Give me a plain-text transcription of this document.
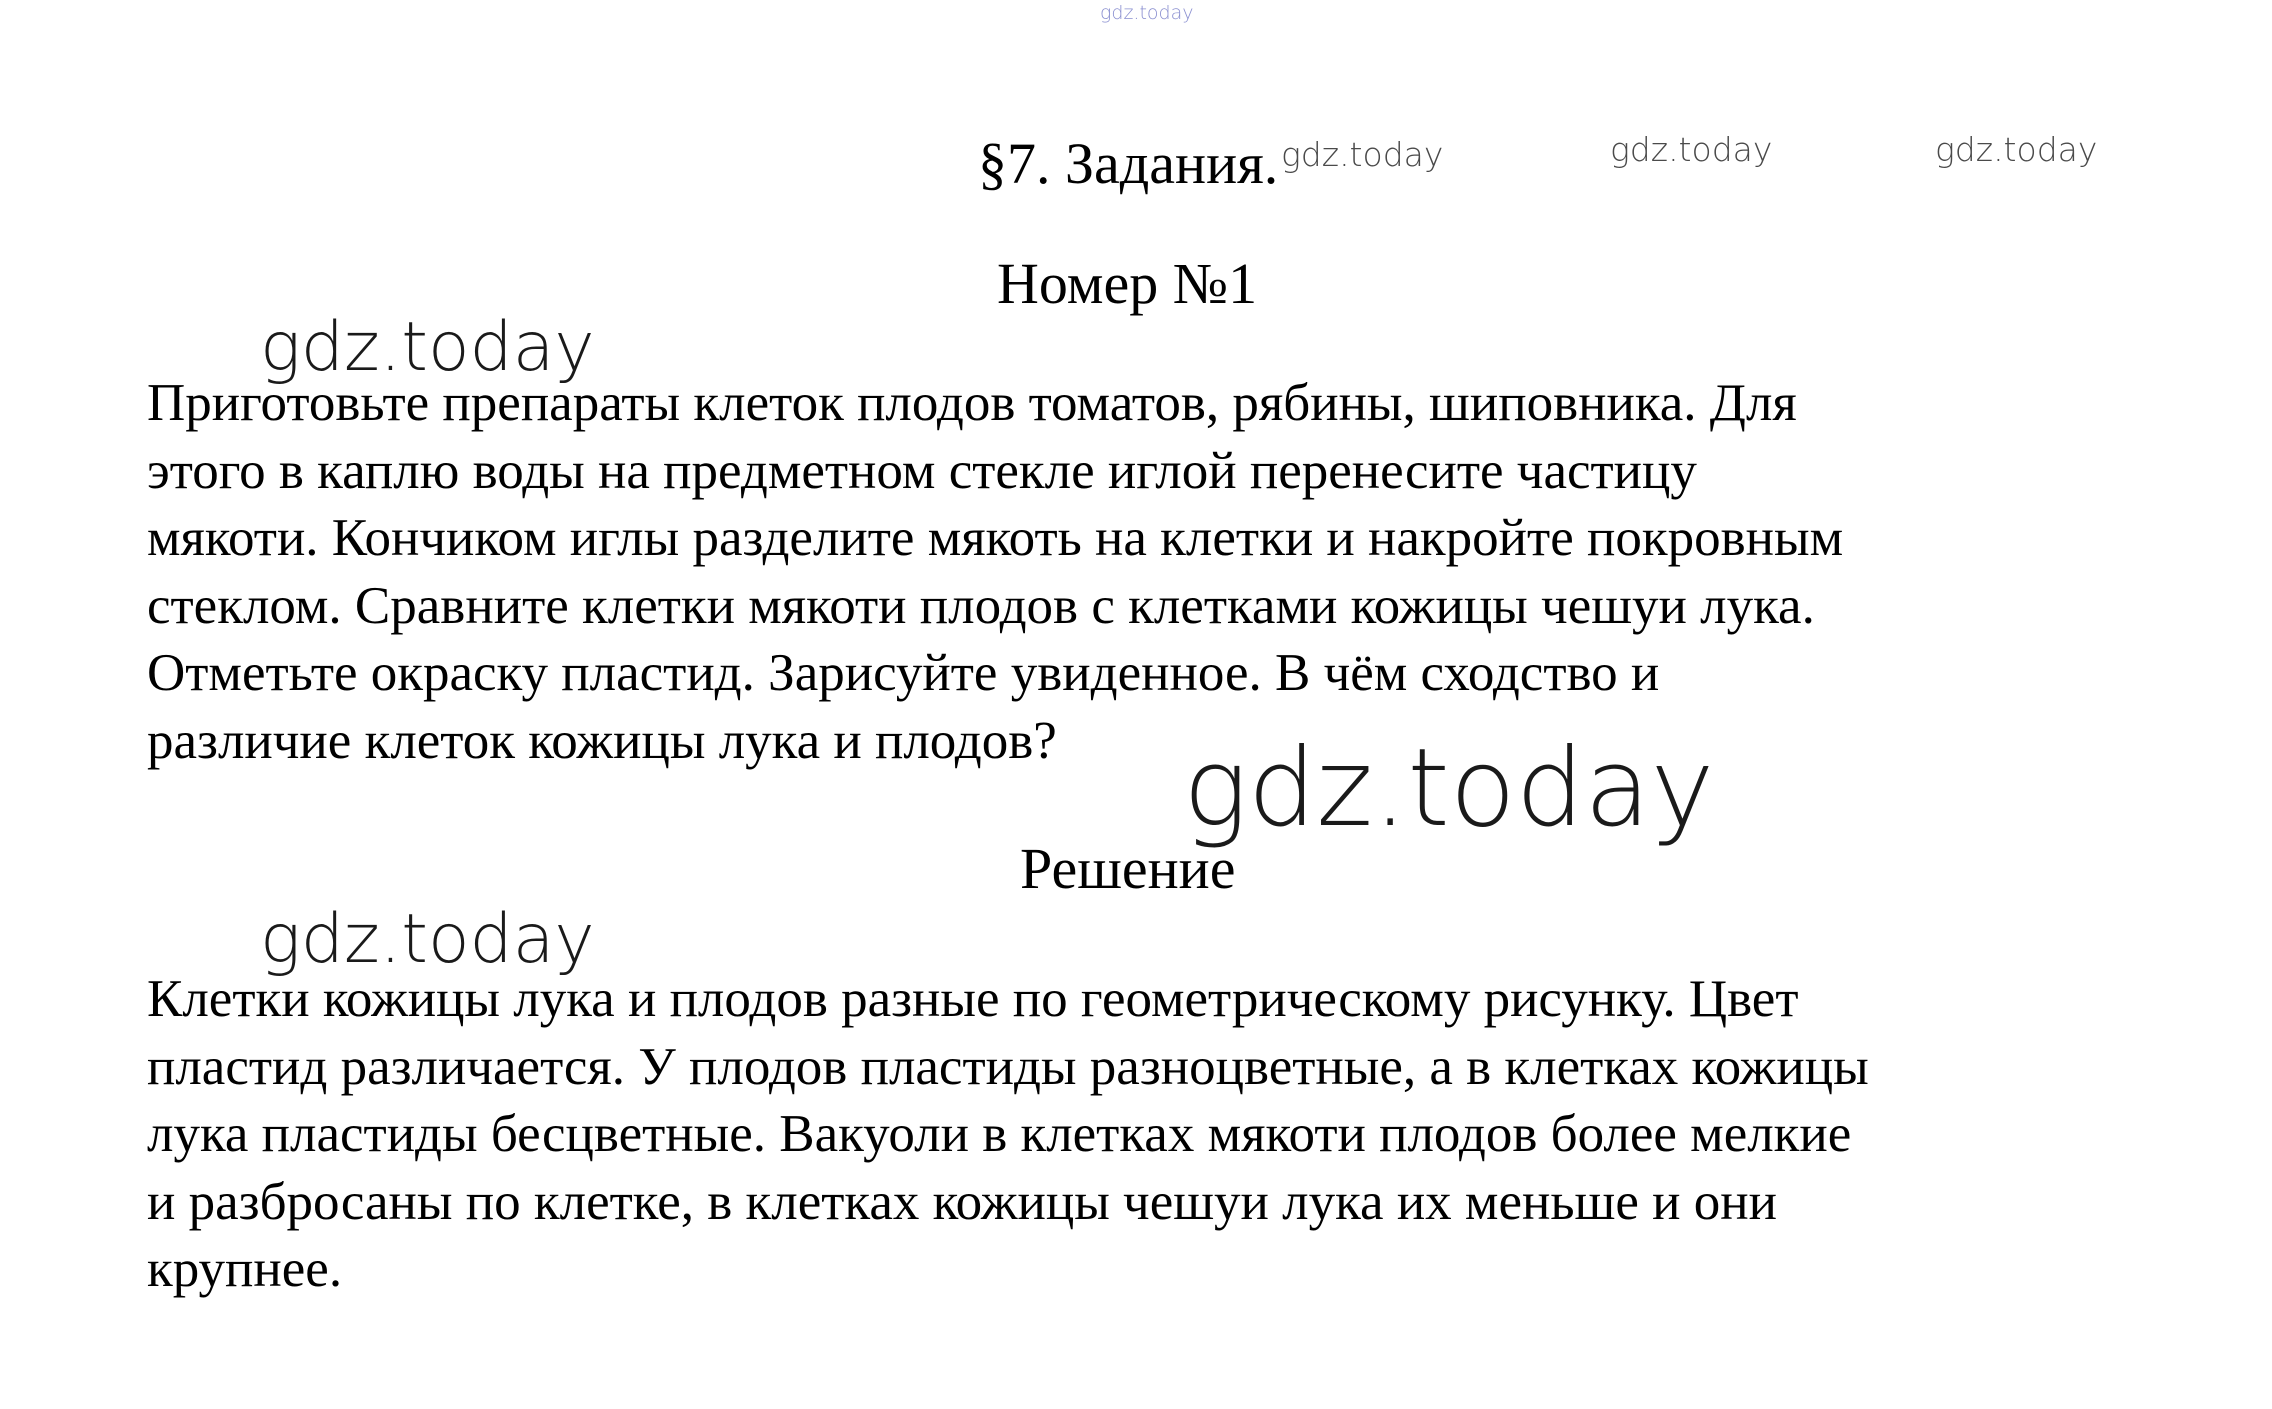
gdz.today
gdz.today	gdz.today	gdz.today
gdz.today
gdz.today
gdz.today
§7. Задания.
Номер №1
Приготовьте препараты клеток плодов томатов, рябины, шиповника. Для
этого в каплю воды на предметном стекле иглой перенесите частицу
мякоти. Кончиком иглы разделите мякоть на клетки и накройте покровным
стеклом. Сравните клетки мякоти плодов с клетками кожицы чешуи лука.
Отметьте окраску пластид. Зарисуйте увиденное. В чём сходство и
различие клеток кожицы лука и плодов?
Решение
Клетки кожицы лука и плодов разные по геометрическому рисунку. Цвет
пластид различается. У плодов пластиды разноцветные, а в клетках кожицы
лука пластиды бесцветные. Вакуоли в клетках мякоти плодов более мелкие
и разбросаны по клетке, в клетках кожицы чешуи лука их меньше и они
крупнее.
